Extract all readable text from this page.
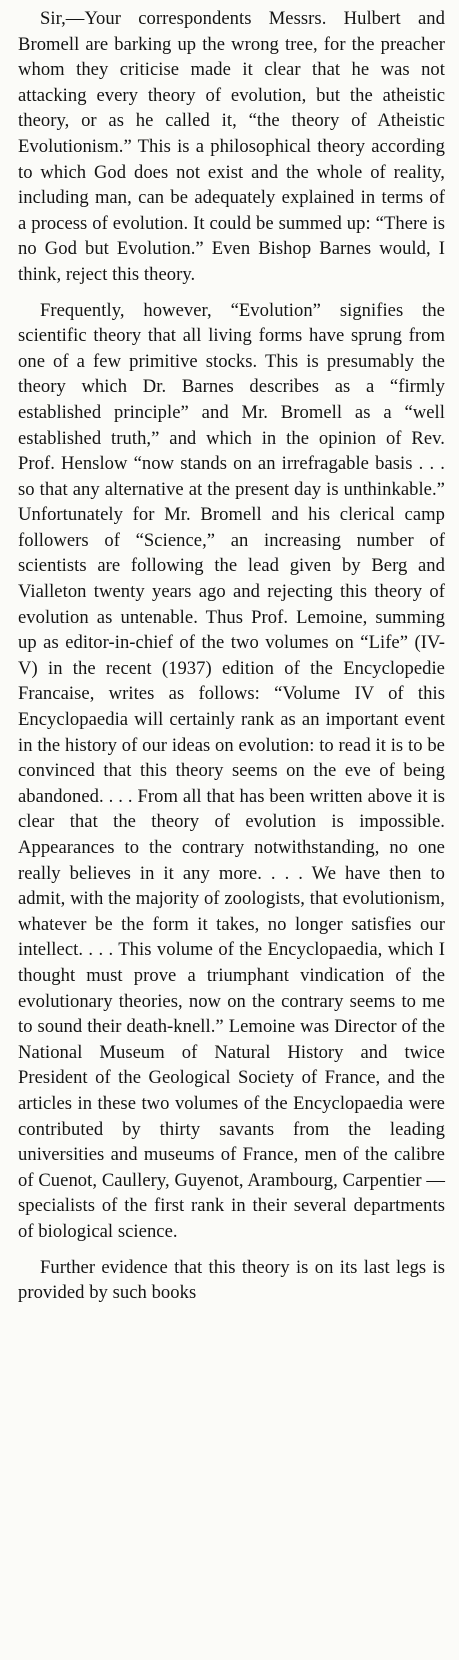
Sir,—Your correspondents Messrs. Hulbert and Bromell are barking up the wrong tree, for the preacher whom they criticise made it clear that he was not attacking every theory of evolution, but the atheistic theory, or as he called it, “the theory of Atheistic Evolutionism.” This is a philosophical theory according to which God does not exist and the whole of reality, including man, can be adequately explained in terms of a process of evolution. It could be summed up: “There is no God but Evolution.” Even Bishop Barnes would, I think, reject this theory.

Frequently, however, “Evolution” signifies the scientific theory that all living forms have sprung from one of a few primitive stocks. This is presumably the theory which Dr. Barnes describes as a “firmly established principle” and Mr. Bromell as a “well established truth,” and which in the opinion of Rev. Prof. Henslow “now stands on an irrefragable basis . . . so that any alternative at the present day is unthinkable.” Unfortunately for Mr. Bromell and his clerical camp followers of “Science,” an increasing number of scientists are following the lead given by Berg and Vialleton twenty years ago and rejecting this theory of evolution as untenable. Thus Prof. Lemoine, summing up as editor-in-chief of the two volumes on “Life” (IV-V) in the recent (1937) edition of the Encyclopedie Francaise, writes as follows: “Volume IV of this Encyclopaedia will certainly rank as an important event in the history of our ideas on evolution: to read it is to be convinced that this theory seems on the eve of being abandoned. . . . From all that has been written above it is clear that the theory of evolution is impossible. Appearances to the contrary notwithstanding, no one really believes in it any more. . . . We have then to admit, with the majority of zoologists, that evolutionism, whatever be the form it takes, no longer satisfies our intellect. . . . This volume of the Encyclopaedia, which I thought must prove a triumphant vindication of the evolutionary theories, now on the contrary seems to me to sound their death-knell.” Lemoine was Director of the National Museum of Natural History and twice President of the Geological Society of France, and the articles in these two volumes of the Encyclopaedia were contributed by thirty savants from the leading universities and museums of France, men of the calibre of Cuenot, Caullery, Guyenot, Arambourg, Carpentier — specialists of the first rank in their several departments of biological science.

Further evidence that this theory is on its last legs is provided by such books
